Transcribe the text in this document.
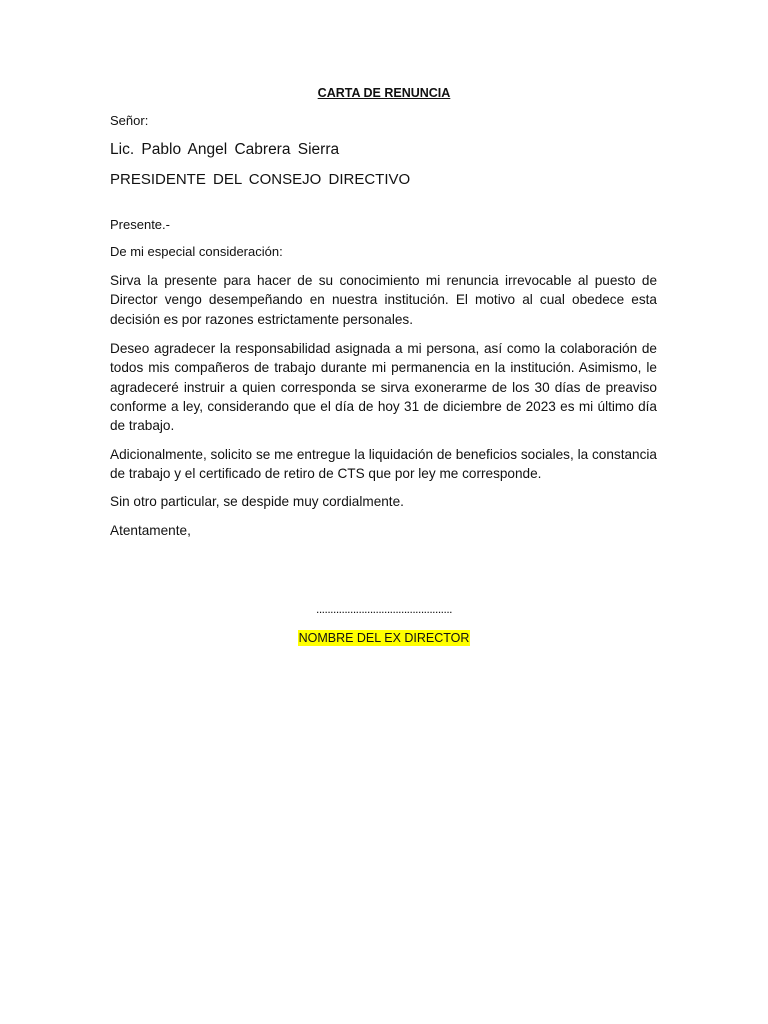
CARTA DE RENUNCIA
Señor:
Lic. Pablo Angel Cabrera Sierra
PRESIDENTE DEL CONSEJO DIRECTIVO
Presente.-
De mi especial consideración:
Sirva la presente para hacer de su conocimiento mi renuncia irrevocable al puesto de Director vengo desempeñando en nuestra institución. El motivo al cual obedece esta decisión es por razones estrictamente personales.
Deseo agradecer la responsabilidad asignada a mi persona, así como la colaboración de todos mis compañeros de trabajo durante mi permanencia en la institución. Asimismo, le agradeceré instruir a quien corresponda se sirva exonerarme de los 30 días de preaviso conforme a ley, considerando que el día de hoy 31 de diciembre de 2023 es mi último día de trabajo.
Adicionalmente, solicito se me entregue la liquidación de beneficios sociales, la constancia de trabajo y el certificado de retiro de CTS que por ley me corresponde.
Sin otro particular, se despide muy cordialmente.
Atentamente,
................................................
NOMBRE DEL EX DIRECTOR
